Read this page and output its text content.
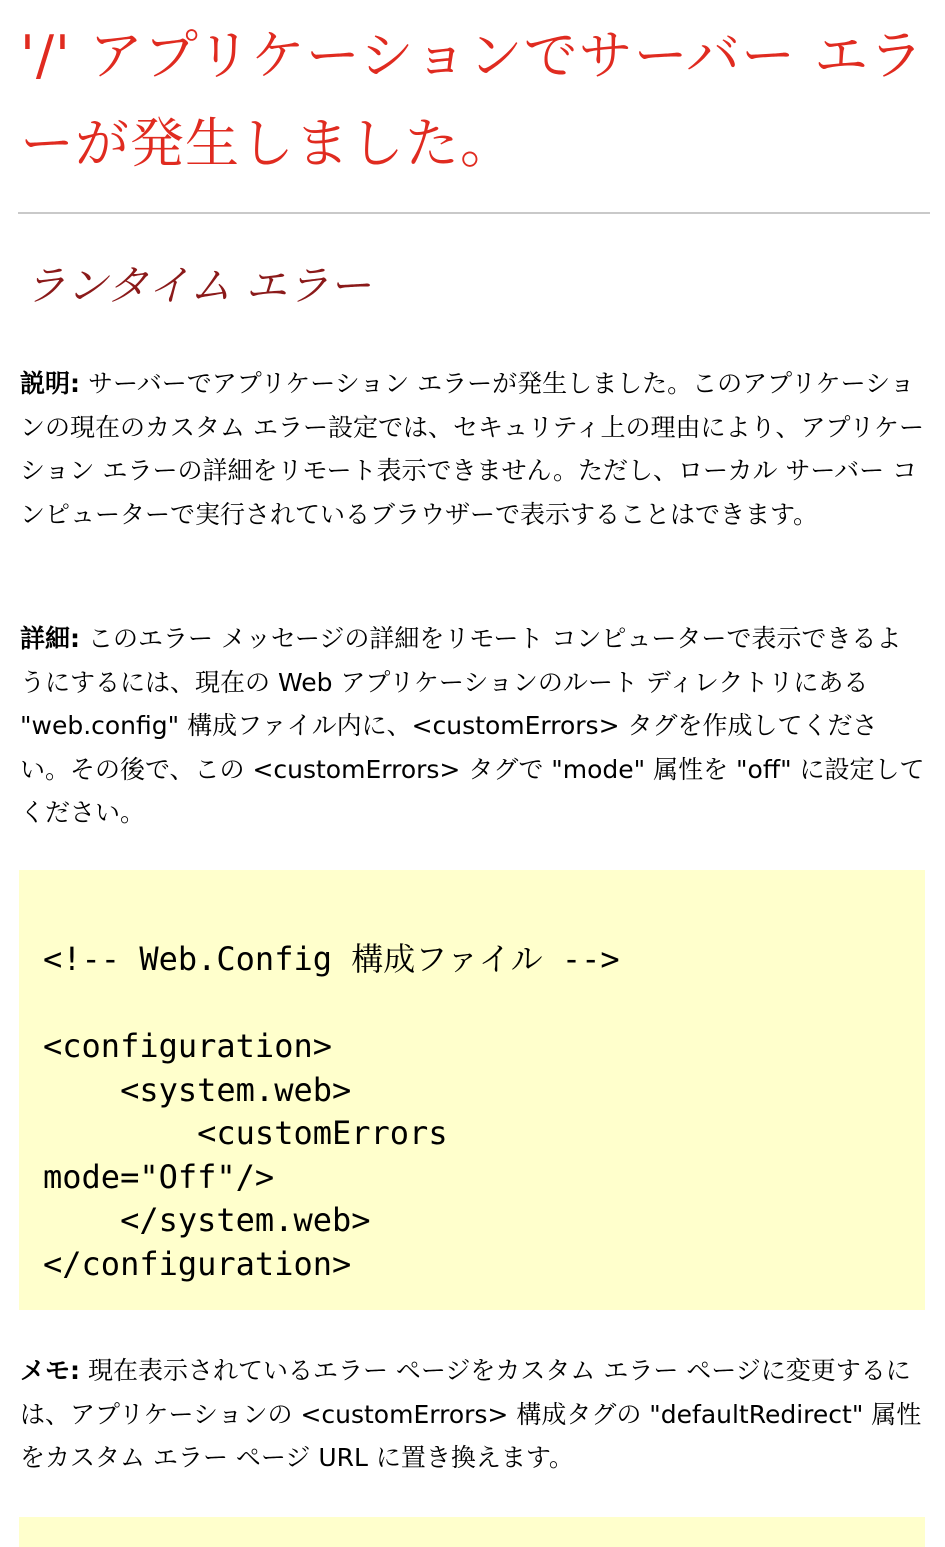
'/' アプリケーションでサーバー エラーが発生しました。
ランタイム エラー

説明: サーバーでアプリケーション エラーが発生しました。このアプリケーションの現在のカスタム エラー設定では、セキュリティ上の理由により、アプリケーション エラーの詳細をリモート表示できません。ただし、ローカル サーバー コンピューターで実行されているブラウザーで表示することはできます。

詳細: このエラー メッセージの詳細をリモート コンピューターで表示できるようにするには、現在の Web アプリケーションのルート ディレクトリにある "web.config" 構成ファイル内に、<customErrors> タグを作成してください。その後で、この <customErrors> タグで "mode" 属性を "off" に設定してください。

<!-- Web.Config 構成ファイル -->

<configuration>
<system.web>
<customErrors
mode="Off"/>
</system.web>
</configuration>

メモ: 現在表示されているエラー ページをカスタム エラー ページに変更するには、アプリケーションの <customErrors> 構成タグの "defaultRedirect" 属性をカスタム エラー ページ URL に置き換えます。
